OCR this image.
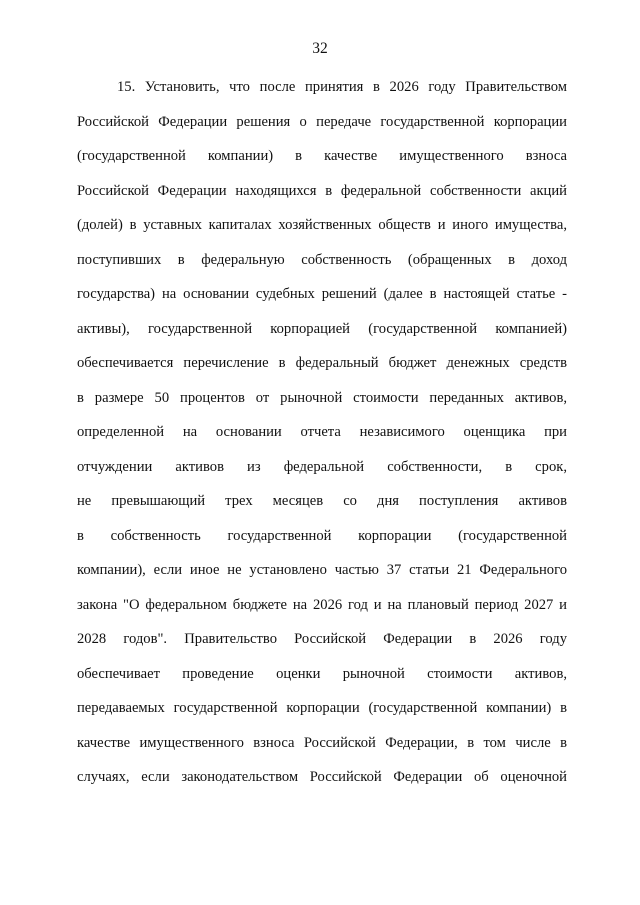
32
15. Установить, что после принятия в 2026 году Правительством
Российской Федерации решения о передаче государственной корпорации
(государственной компании) в качестве имущественного взноса
Российской Федерации находящихся в федеральной собственности акций
(долей) в уставных капиталах хозяйственных обществ и иного имущества,
поступивших в федеральную собственность (обращенных в доход
государства) на основании судебных решений (далее в настоящей статье -
активы), государственной корпорацией (государственной компанией)
обеспечивается перечисление в федеральный бюджет денежных средств
в размере 50 процентов от рыночной стоимости переданных активов,
определенной на основании отчета независимого оценщика при
отчуждении активов из федеральной собственности, в срок,
не превышающий трех месяцев со дня поступления активов
в собственность государственной корпорации (государственной
компании), если иное не установлено частью 37 статьи 21 Федерального
закона "О федеральном бюджете на 2026 год и на плановый период 2027 и
2028 годов". Правительство Российской Федерации в 2026 году
обеспечивает проведение оценки рыночной стоимости активов,
передаваемых государственной корпорации (государственной компании) в
качестве имущественного взноса Российской Федерации, в том числе в
случаях, если законодательством Российской Федерации об оценочной
